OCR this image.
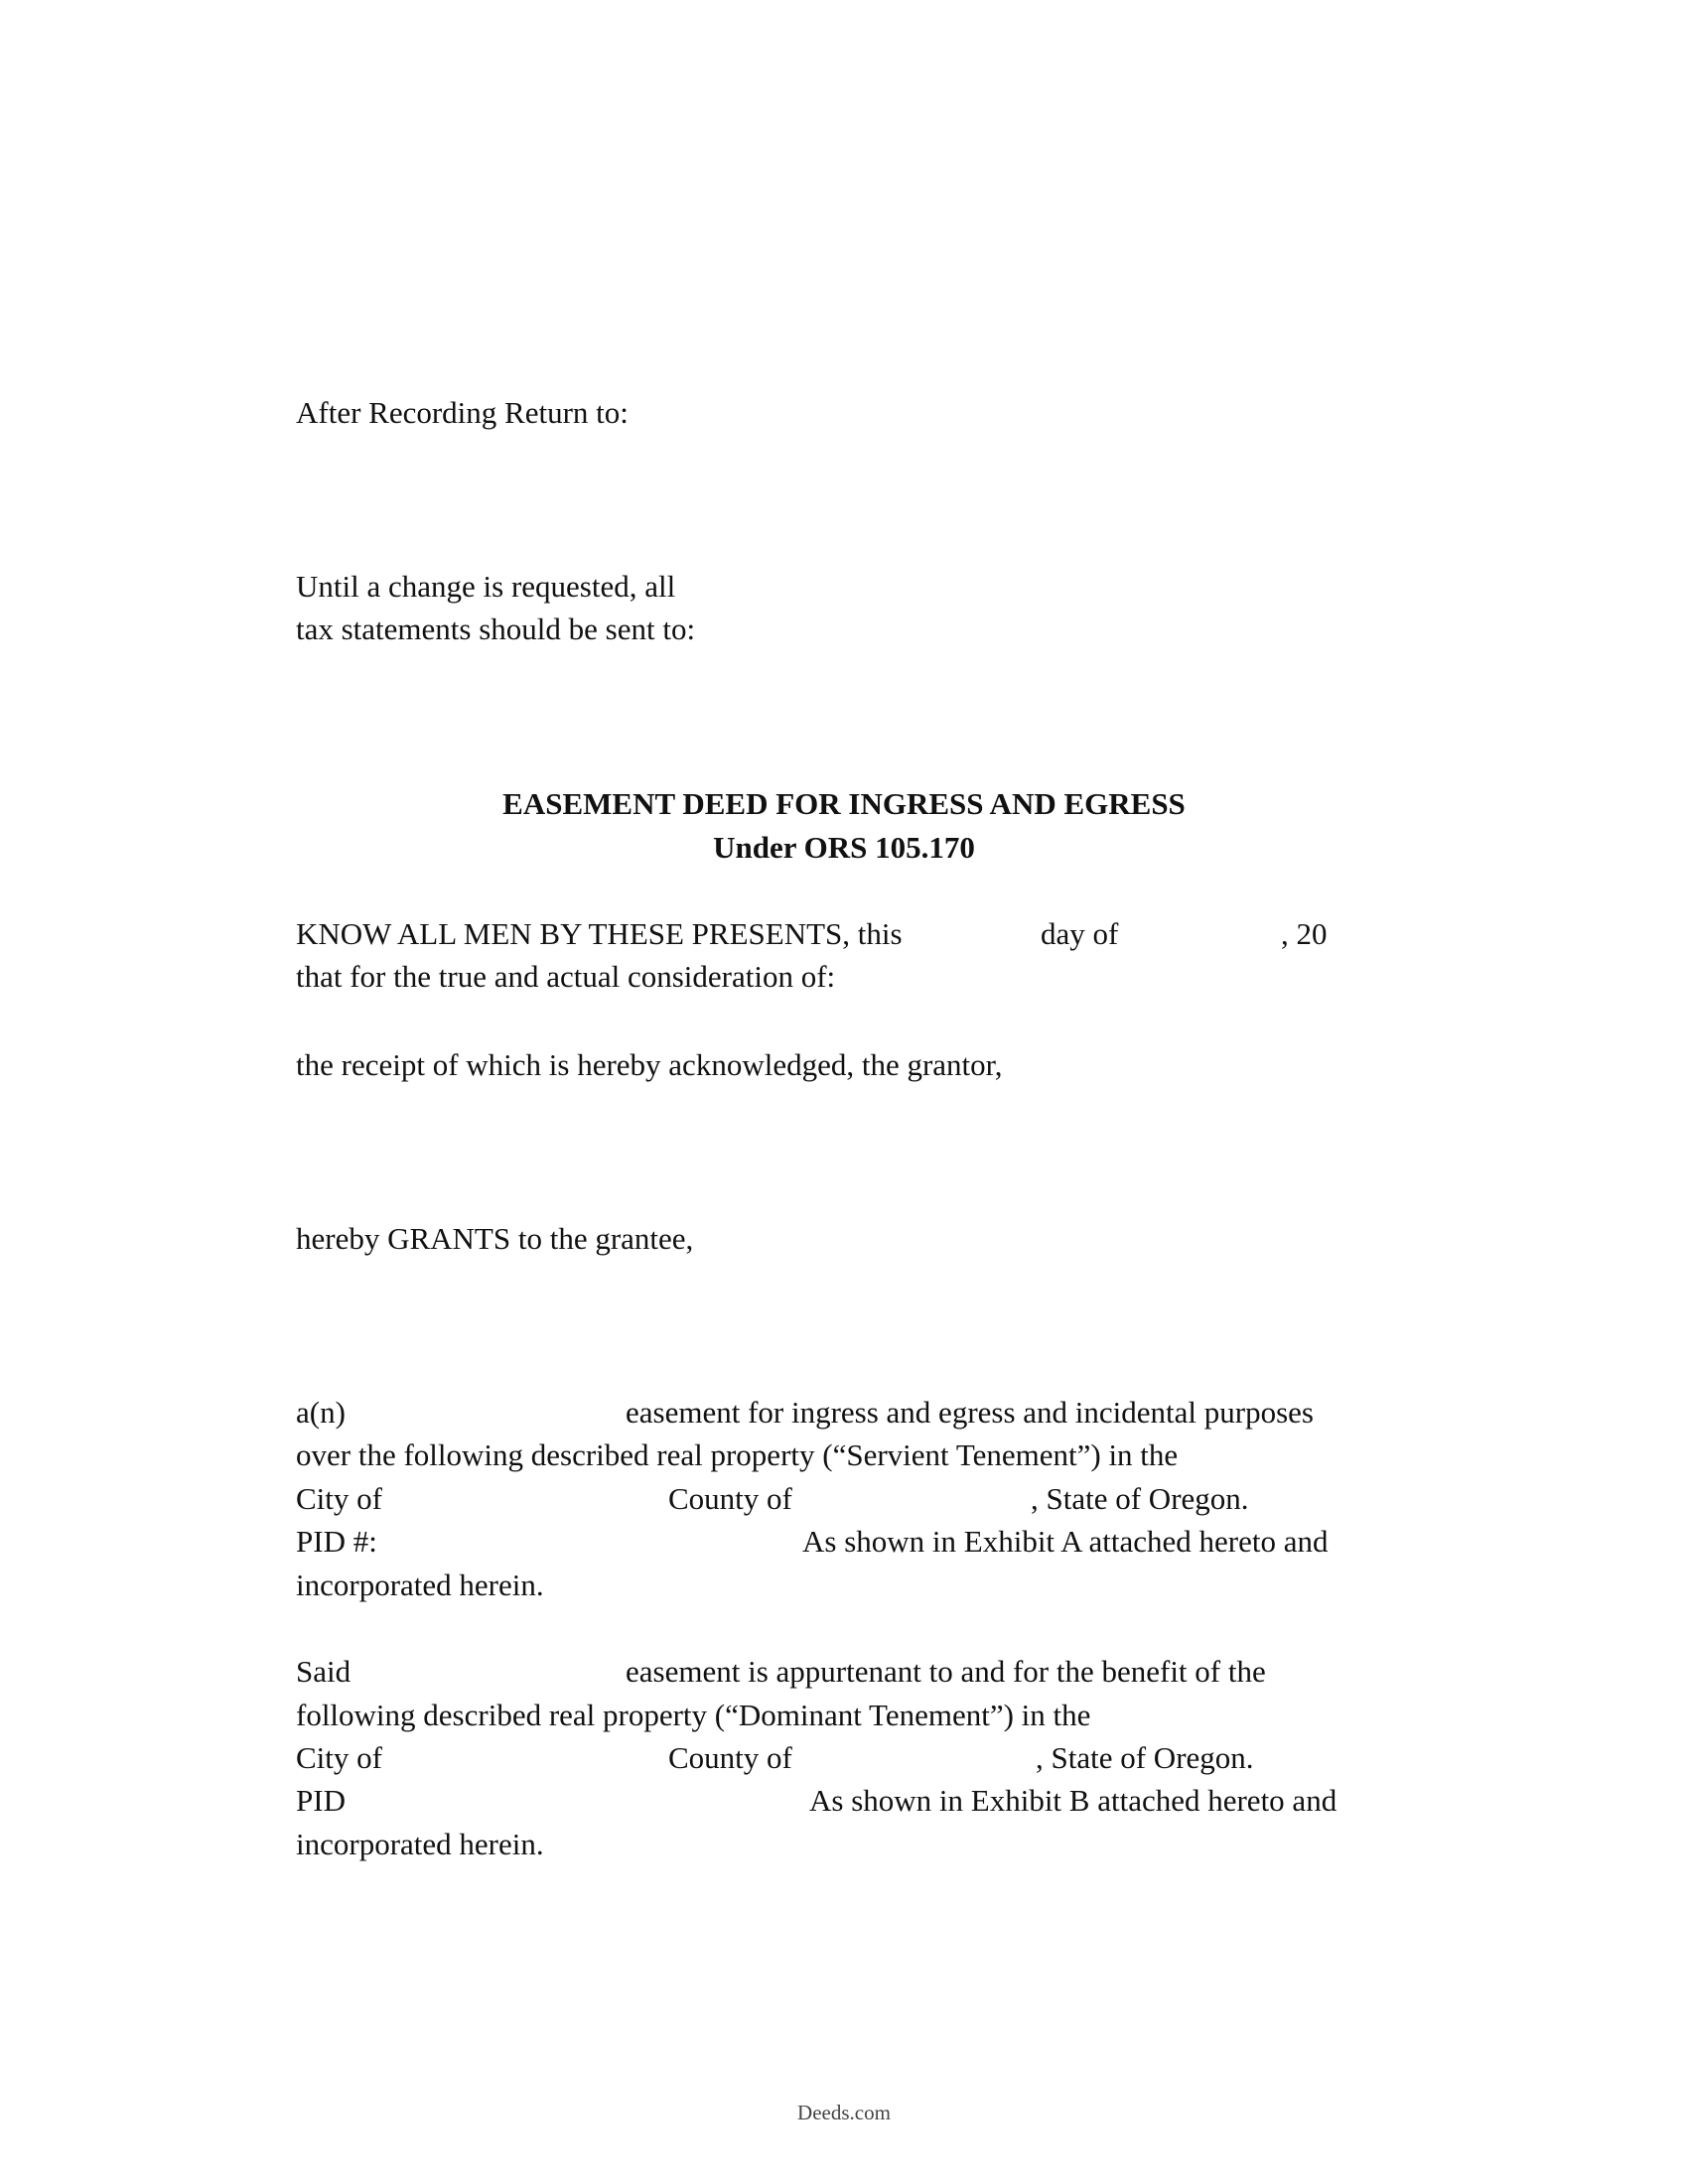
After Recording Return to:
Until a change is requested, all
tax statements should be sent to:
EASEMENT DEED FOR INGRESS AND EGRESS
Under ORS 105.170
KNOW ALL MEN BY THESE PRESENTS, this	day of	, 20
that for the true and actual consideration of:
the receipt of which is hereby acknowledged, the grantor,
hereby GRANTS to the grantee,
a(n)	easement for ingress and egress and incidental purposes
over the following described real property (“Servient Tenement”) in the
City of	County of	, State of Oregon.
PID #:	As shown in Exhibit A attached hereto and
incorporated herein.
Said	easement is appurtenant to and for the benefit of the
following described real property (“Dominant Tenement”) in the
City of	County of	, State of Oregon.
PID	As shown in Exhibit B attached hereto and
incorporated herein.
Deeds.com
